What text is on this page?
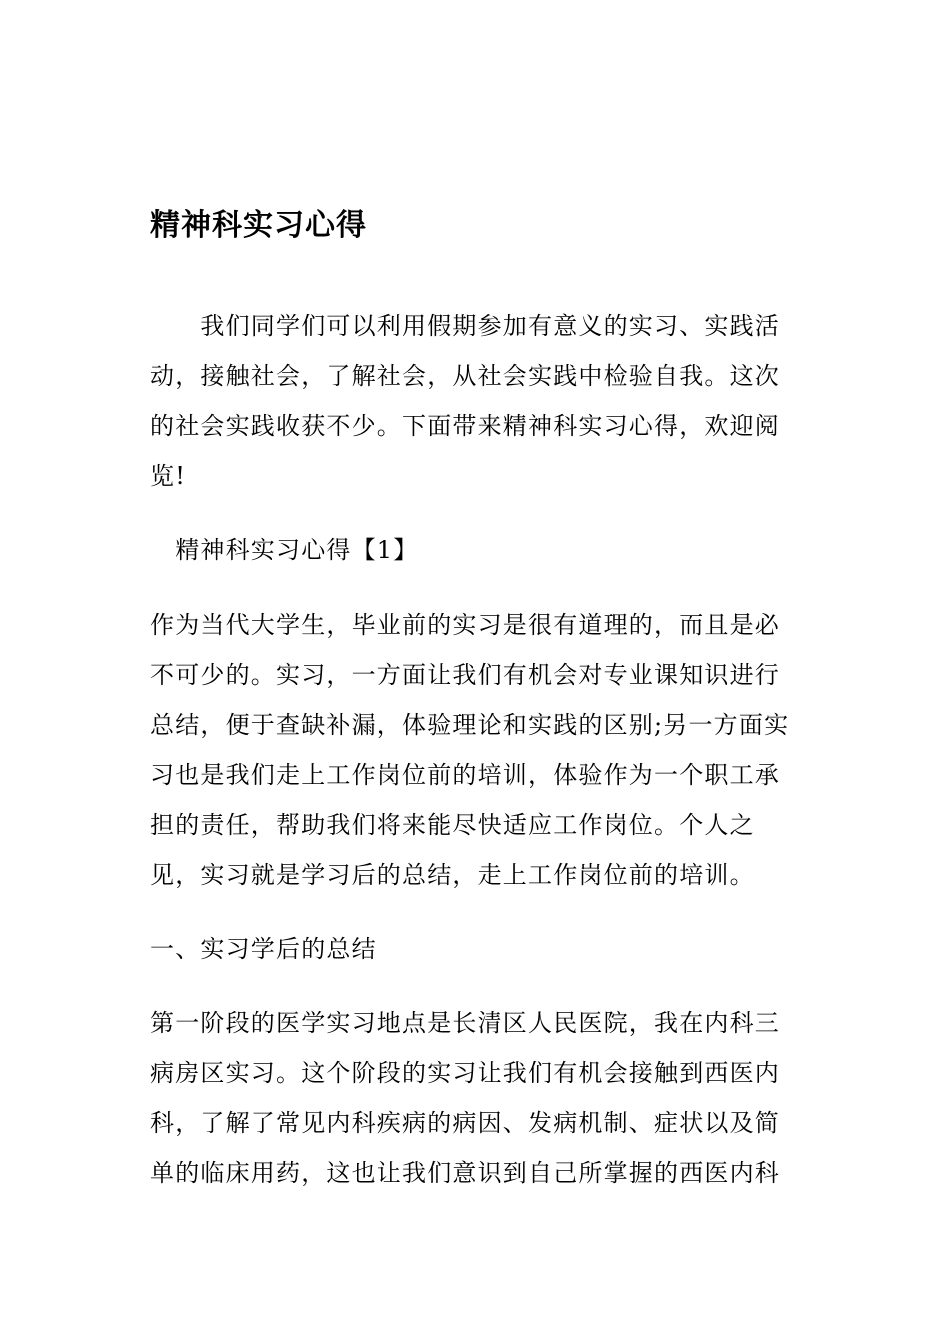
精神科实习心得

　　我们同学们可以利用假期参加有意义的实习、实践活
动，接触社会，了解社会，从社会实践中检验自我。这次
的社会实践收获不少。下面带来精神科实习心得，欢迎阅
览!

　精神科实习心得【1】

作为当代大学生，毕业前的实习是很有道理的，而且是必
不可少的。实习，一方面让我们有机会对专业课知识进行
总结，便于查缺补漏，体验理论和实践的区别;另一方面实
习也是我们走上工作岗位前的培训，体验作为一个职工承
担的责任，帮助我们将来能尽快适应工作岗位。个人之
见，实习就是学习后的总结，走上工作岗位前的培训。

一、实习学后的总结

第一阶段的医学实习地点是长清区人民医院，我在内科三
病房区实习。这个阶段的实习让我们有机会接触到西医内
科，了解了常见内科疾病的病因、发病机制、症状以及简
单的临床用药，这也让我们意识到自己所掌握的西医内科
